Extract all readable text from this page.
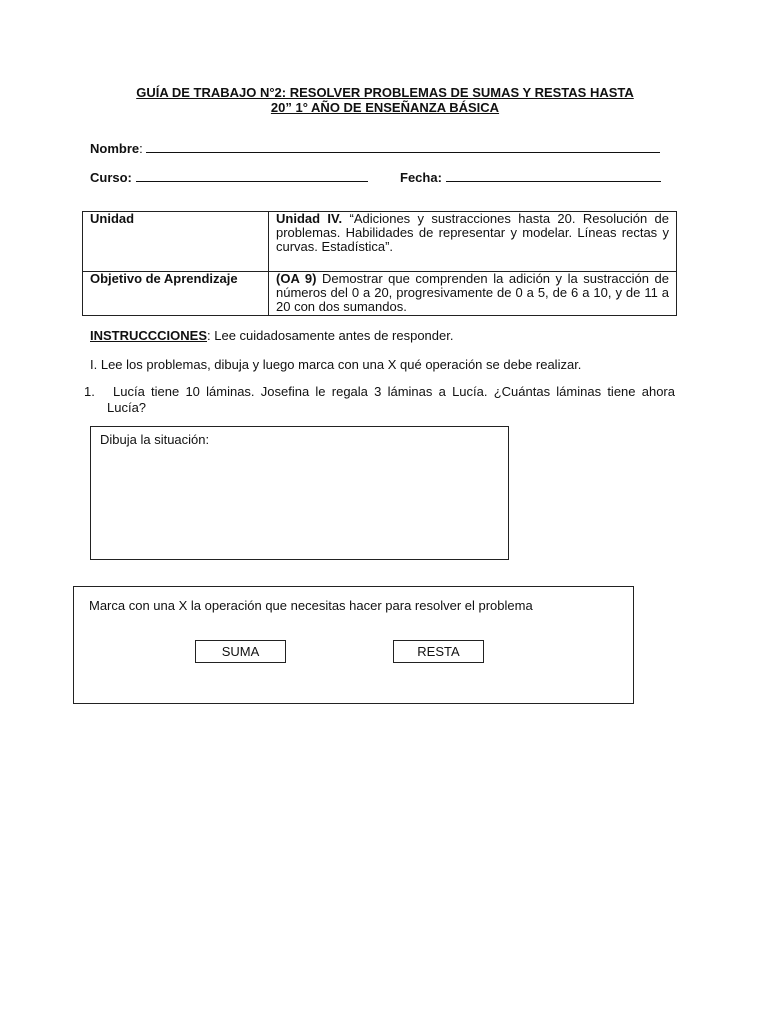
GUÍA DE TRABAJO N°2: RESOLVER PROBLEMAS DE SUMAS Y RESTAS HASTA
20” 1° AÑO DE ENSEÑANZA BÁSICA
Nombre:
Curso:	Fecha:
Unidad	Unidad IV. “Adiciones y sustracciones hasta 20. Resolución de problemas. Habilidades de representar y modelar. Líneas rectas y curvas. Estadística”.
Objetivo de Aprendizaje	(OA 9) Demostrar que comprenden la adición y la sustracción de números del 0 a 20, progresivamente de 0 a 5, de 6 a 10, y de 11 a 20 con dos sumandos.
INSTRUCCCIONES: Lee cuidadosamente antes de responder.
I. Lee los problemas, dibuja y luego marca con una X qué operación se debe realizar.
1.	Lucía tiene 10 láminas. Josefina le regala 3 láminas a Lucía. ¿Cuántas láminas tiene ahora Lucía?
Dibuja la situación:
Marca con una X la operación que necesitas hacer para resolver el problema
SUMA	RESTA
